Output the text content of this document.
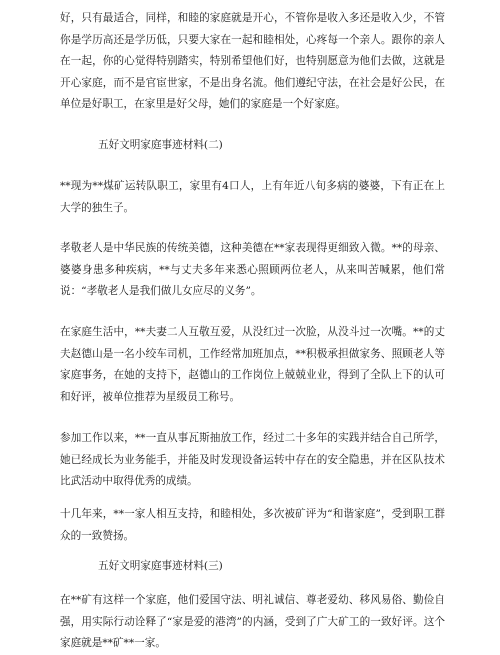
好，只有最适合，同样，和睦的家庭就是开心，不管你是收入多还是收入少，不管你是学历高还是学历低，只要大家在一起和睦相处，心疼每一个亲人。跟你的亲人在一起，你的心觉得特别踏实，特别希望他们好，也特别愿意为他们去做，这就是开心家庭，而不是官宦世家，不是出身名流。他们遵纪守法，在社会是好公民，在单位是好职工，在家里是好父母，她们的家庭是一个好家庭。

五好文明家庭事迹材料(二)

**现为**煤矿运转队职工，家里有4口人，上有年近八旬多病的婆婆，下有正在上大学的独生子。

孝敬老人是中华民族的传统美德，这种美德在**家表现得更细致入微。**的母亲、婆婆身患多种疾病，**与丈夫多年来悉心照顾两位老人，从来叫苦喊累，他们常说：“孝敬老人是我们做儿女应尽的义务”。

在家庭生活中，**夫妻二人互敬互爱，从没红过一次脸，从没斗过一次嘴。**的丈夫赵德山是一名小绞车司机，工作经常加班加点，**积极承担做家务、照顾老人等家庭事务，在她的支持下，赵德山的工作岗位上兢兢业业，得到了全队上下的认可和好评，被单位推荐为星级员工称号。

参加工作以来，**一直从事瓦斯抽放工作，经过二十多年的实践并结合自己所学，她已经成长为业务能手，并能及时发现设备运转中存在的安全隐患，并在区队技术比武活动中取得优秀的成绩。

十几年来，**一家人相互支持，和睦相处，多次被矿评为“和谐家庭”，受到职工群众的一致赞扬。

五好文明家庭事迹材料(三)

在**矿有这样一个家庭，他们爱国守法、明礼诚信、尊老爱幼、移风易俗、勤俭自强，用实际行动诠释了“家是爱的港湾”的内涵，受到了广大矿工的一致好评。这个家庭就是**矿**一家。
